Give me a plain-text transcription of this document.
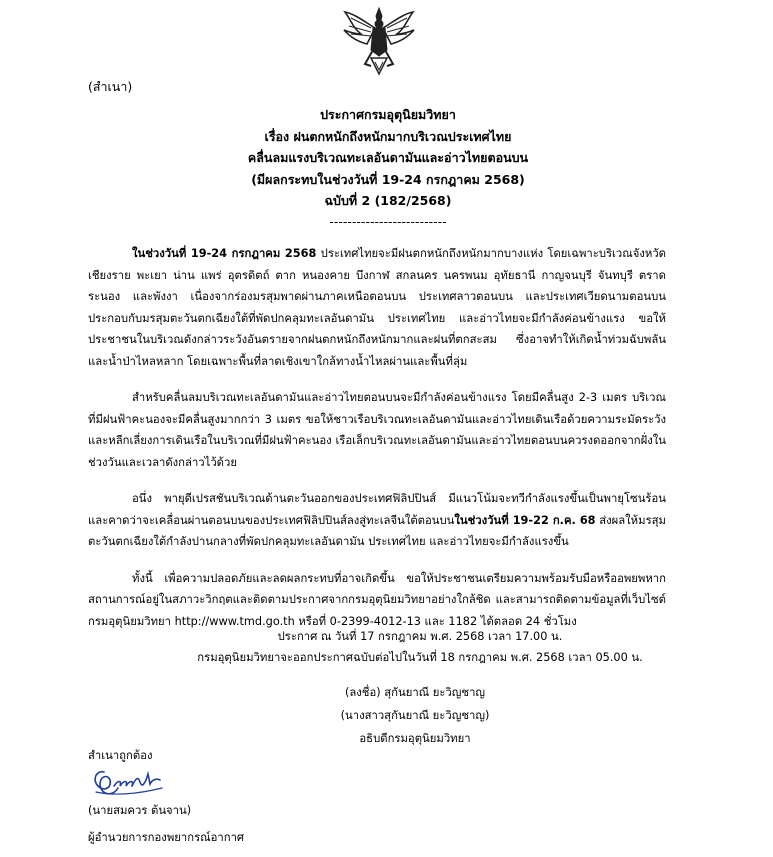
(สำเนา)
ประกาศกรมอุตุนิยมวิทยา
เรื่อง ฝนตกหนักถึงหนักมากบริเวณประเทศไทย
คลื่นลมแรงบริเวณทะเลอันดามันและอ่าวไทยตอนบน
(มีผลกระทบในช่วงวันที่ 19-24 กรกฎาคม 2568)
ฉบับที่ 2 (182/2568)
--------------------------

ในช่วงวันที่ 19-24 กรกฎาคม 2568 ประเทศไทยจะมีฝนตกหนักถึงหนักมากบางแห่ง โดยเฉพาะบริเวณจังหวัดเชียงราย พะเยา น่าน แพร่ อุตรดิตถ์ ตาก หนองคาย บึงกาฬ สกลนคร นครพนม อุทัยธานี กาญจนบุรี จันทบุรี ตราด ระนอง และพังงา เนื่องจากร่องมรสุมพาดผ่านภาคเหนือตอนบน ประเทศลาวตอนบน และประเทศเวียดนามตอนบน ประกอบกับมรสุมตะวันตกเฉียงใต้ที่พัดปกคลุมทะเลอันดามัน ประเทศไทย และอ่าวไทยจะมีกำลังค่อนข้างแรง ขอให้ประชาชนในบริเวณดังกล่าวระวังอันตรายจากฝนตกหนักถึงหนักมากและฝนที่ตกสะสม ซึ่งอาจทำให้เกิดน้ำท่วมฉับพลันและน้ำป่าไหลหลาก โดยเฉพาะพื้นที่ลาดเชิงเขาใกล้ทางน้ำไหลผ่านและพื้นที่ลุ่ม

สำหรับคลื่นลมบริเวณทะเลอันดามันและอ่าวไทยตอนบนจะมีกำลังค่อนข้างแรง โดยมีคลื่นสูง 2-3 เมตร บริเวณที่มีฝนฟ้าคะนองจะมีคลื่นสูงมากกว่า 3 เมตร ขอให้ชาวเรือบริเวณทะเลอันดามันและอ่าวไทยเดินเรือด้วยความระมัดระวังและหลีกเลี่ยงการเดินเรือในบริเวณที่มีฝนฟ้าคะนอง เรือเล็กบริเวณทะเลอันดามันและอ่าวไทยตอนบนควรงดออกจากฝั่งในช่วงวันและเวลาดังกล่าวไว้ด้วย

อนึ่ง พายุดีเปรสชันบริเวณด้านตะวันออกของประเทศฟิลิปปินส์ มีแนวโน้มจะทวีกำลังแรงขึ้นเป็นพายุโซนร้อน และคาดว่าจะเคลื่อนผ่านตอนบนของประเทศฟิลิปปินส์ลงสู่ทะเลจีนใต้ตอนบนในช่วงวันที่ 19-22 ก.ค. 68 ส่งผลให้มรสุมตะวันตกเฉียงใต้กำลังปานกลางที่พัดปกคลุมทะเลอันดามัน ประเทศไทย และอ่าวไทยจะมีกำลังแรงขึ้น

ทั้งนี้ เพื่อความปลอดภัยและลดผลกระทบที่อาจเกิดขึ้น ขอให้ประชาชนเตรียมความพร้อมรับมือหรืออพยพหากสถานการณ์อยู่ในสภาวะวิกฤตและติดตามประกาศจากกรมอุตุนิยมวิทยาอย่างใกล้ชิด และสามารถติดตามข้อมูลที่เว็บไซต์ กรมอุตุนิยมวิทยา http://www.tmd.go.th หรือที่ 0-2399-4012-13 และ 1182 ได้ตลอด 24 ชั่วโมง

ประกาศ ณ วันที่ 17 กรกฎาคม พ.ศ. 2568 เวลา 17.00 น.
กรมอุตุนิยมวิทยาจะออกประกาศฉบับต่อไปในวันที่ 18 กรกฎาคม พ.ศ. 2568 เวลา 05.00 น.
(ลงชื่อ) สุกันยาณี ยะวิญชาญ
(นางสาวสุกันยาณี ยะวิญชาญ)
อธิบดีกรมอุตุนิยมวิทยา
สำเนาถูกต้อง
(นายสมควร ต้นจาน)
ผู้อำนวยการกองพยากรณ์อากาศ
